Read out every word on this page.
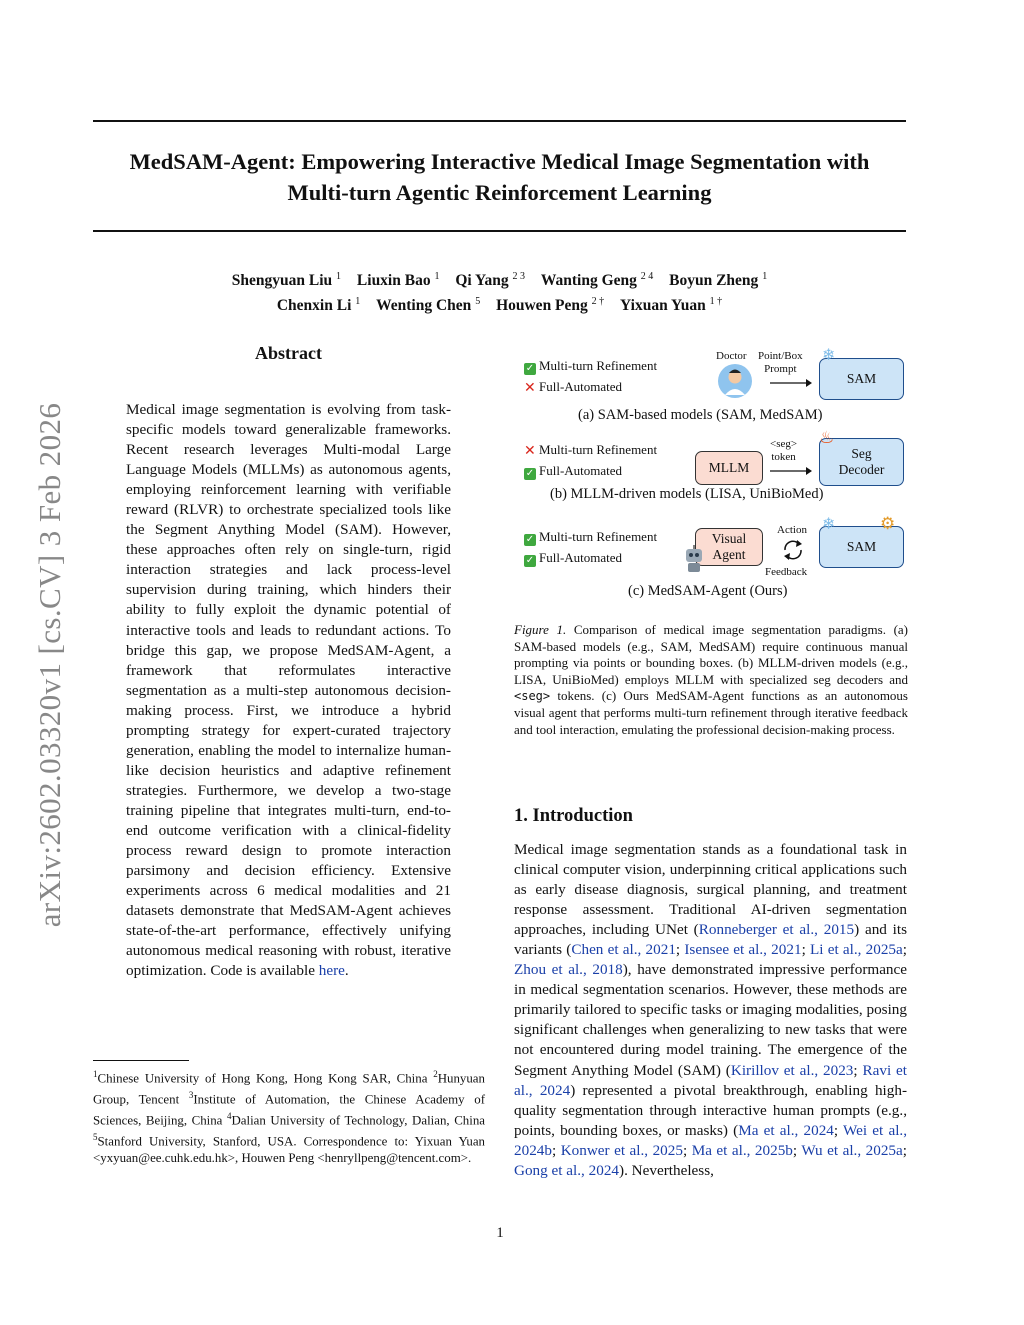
MedSAM-Agent: Empowering Interactive Medical Image Segmentation with
Multi-turn Agentic Reinforcement Learning
Shengyuan Liu $^1$ Liuxin Bao $^1$ Qi Yang $^{2 3}$ Wanting Geng $^{2 4}$ Boyun Zheng $^1$
Chenxin Li $^1$ Wenting Chen $^5$ Houwen Peng $^{2 \dagger}$ Yixuan Yuan $^{1 \dagger}$
arXiv:2602.03320v1 [cs.CV] 3 Feb 2026
Abstract
Medical image segmentation is evolving from task-specific models toward generalizable frameworks. Recent research leverages Multi-modal Large Language Models (MLLMs) as autonomous agents, employing reinforcement learning with verifiable reward (RLVR) to orchestrate specialized tools like the Segment Anything Model (SAM). However, these approaches often rely on single-turn, rigid interaction strategies and lack process-level supervision during training, which hinders their ability to fully exploit the dynamic potential of interactive tools and leads to redundant actions. To bridge this gap, we propose MedSAM-Agent, a framework that reformulates interactive segmentation as a multi-step autonomous decision-making process. First, we introduce a hybrid prompting strategy for expert-curated trajectory generation, enabling the model to internalize human-like decision heuristics and adaptive refinement strategies. Furthermore, we develop a two-stage training pipeline that integrates multi-turn, end-to-end outcome verification with a clinical-fidelity process reward design to promote interaction parsimony and decision efficiency. Extensive experiments across 6 medical modalities and 21 datasets demonstrate that MedSAM-Agent achieves state-of-the-art performance, effectively unifying autonomous medical reasoning with robust, iterative optimization. Code is available here.
$^1$Chinese University of Hong Kong, Hong Kong SAR, China $^2$Hunyuan Group, Tencent $^3$Institute of Automation, the Chinese Academy of Sciences, Beijing, China $^4$Dalian University of Technology, Dalian, China $^5$Stanford University, Stanford, USA. Correspondence to: Yixuan Yuan <yxyuan@ee.cuhk.edu.hk>, Houwen Peng <henryllpeng@tencent.com>.
✓ Multi-turn Refinement
✕ Full-Automated
Doctor Point/Box
Prompt
SAM
❄
(a) SAM-based models (SAM, MedSAM)
✕ Multi-turn Refinement
✓ Full-Automated	MLLM
<seg>
token	Seg
Decoder
♨
(b) MLLM-driven models (LISA, UniBioMed)
✓ Multi-turn Refinement
✓ Full-Automated
Visual
Agent
Action
Feedback
SAM
❄	⚙
(c) MedSAM-Agent (Ours)
Figure 1. Comparison of medical image segmentation paradigms. (a) SAM-based models (e.g., SAM, MedSAM) require continuous manual prompting via points or bounding boxes. (b) MLLM-driven models (e.g., LISA, UniBioMed) employs MLLM with specialized seg decoders and <seg> tokens. (c) Ours MedSAM-Agent functions as an autonomous visual agent that performs multi-turn refinement through iterative feedback and tool interaction, emulating the professional decision-making process.
1. Introduction
Medical image segmentation stands as a foundational task in clinical computer vision, underpinning critical applications such as early disease diagnosis, surgical planning, and treatment response assessment. Traditional AI-driven segmentation approaches, including UNet (Ronneberger et al., 2015) and its variants (Chen et al., 2021; Isensee et al., 2021; Li et al., 2025a; Zhou et al., 2018), have demonstrated impressive performance in medical segmentation scenarios. However, these methods are primarily tailored to specific tasks or imaging modalities, posing significant challenges when generalizing to new tasks that were not encountered during model training. The emergence of the Segment Anything Model (SAM) (Kirillov et al., 2023; Ravi et al., 2024) represented a pivotal breakthrough, enabling high-quality segmentation through interactive human prompts (e.g., points, bounding boxes, or masks) (Ma et al., 2024; Wei et al., 2024b; Konwer et al., 2025; Ma et al., 2025b; Wu et al., 2025a; Gong et al., 2024). Nevertheless,
1
